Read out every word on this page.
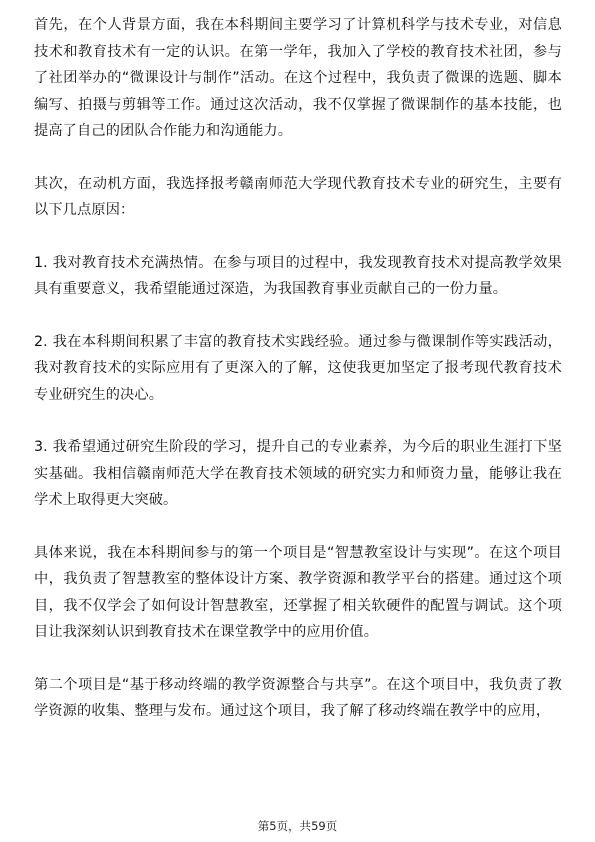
首先，在个人背景方面，我在本科期间主要学习了计算机科学与技术专业，对信息技术和教育技术有一定的认识。在第一学年，我加入了学校的教育技术社团，参与了社团举办的“微课设计与制作”活动。在这个过程中，我负责了微课的选题、脚本编写、拍摄与剪辑等工作。通过这次活动，我不仅掌握了微课制作的基本技能，也提高了自己的团队合作能力和沟通能力。

其次，在动机方面，我选择报考赣南师范大学现代教育技术专业的研究生，主要有以下几点原因：

1. 我对教育技术充满热情。在参与项目的过程中，我发现教育技术对提高教学效果具有重要意义，我希望能通过深造，为我国教育事业贡献自己的一份力量。

2. 我在本科期间积累了丰富的教育技术实践经验。通过参与微课制作等实践活动，我对教育技术的实际应用有了更深入的了解，这使我更加坚定了报考现代教育技术专业研究生的决心。

3. 我希望通过研究生阶段的学习，提升自己的专业素养，为今后的职业生涯打下坚实基础。我相信赣南师范大学在教育技术领域的研究实力和师资力量，能够让我在学术上取得更大突破。

具体来说，我在本科期间参与的第一个项目是“智慧教室设计与实现”。在这个项目中，我负责了智慧教室的整体设计方案、教学资源和教学平台的搭建。通过这个项目，我不仅学会了如何设计智慧教室，还掌握了相关软硬件的配置与调试。这个项目让我深刻认识到教育技术在课堂教学中的应用价值。

第二个项目是“基于移动终端的教学资源整合与共享”。在这个项目中，我负责了教学资源的收集、整理与发布。通过这个项目，我了解了移动终端在教学中的应用，

第5页，共59页
